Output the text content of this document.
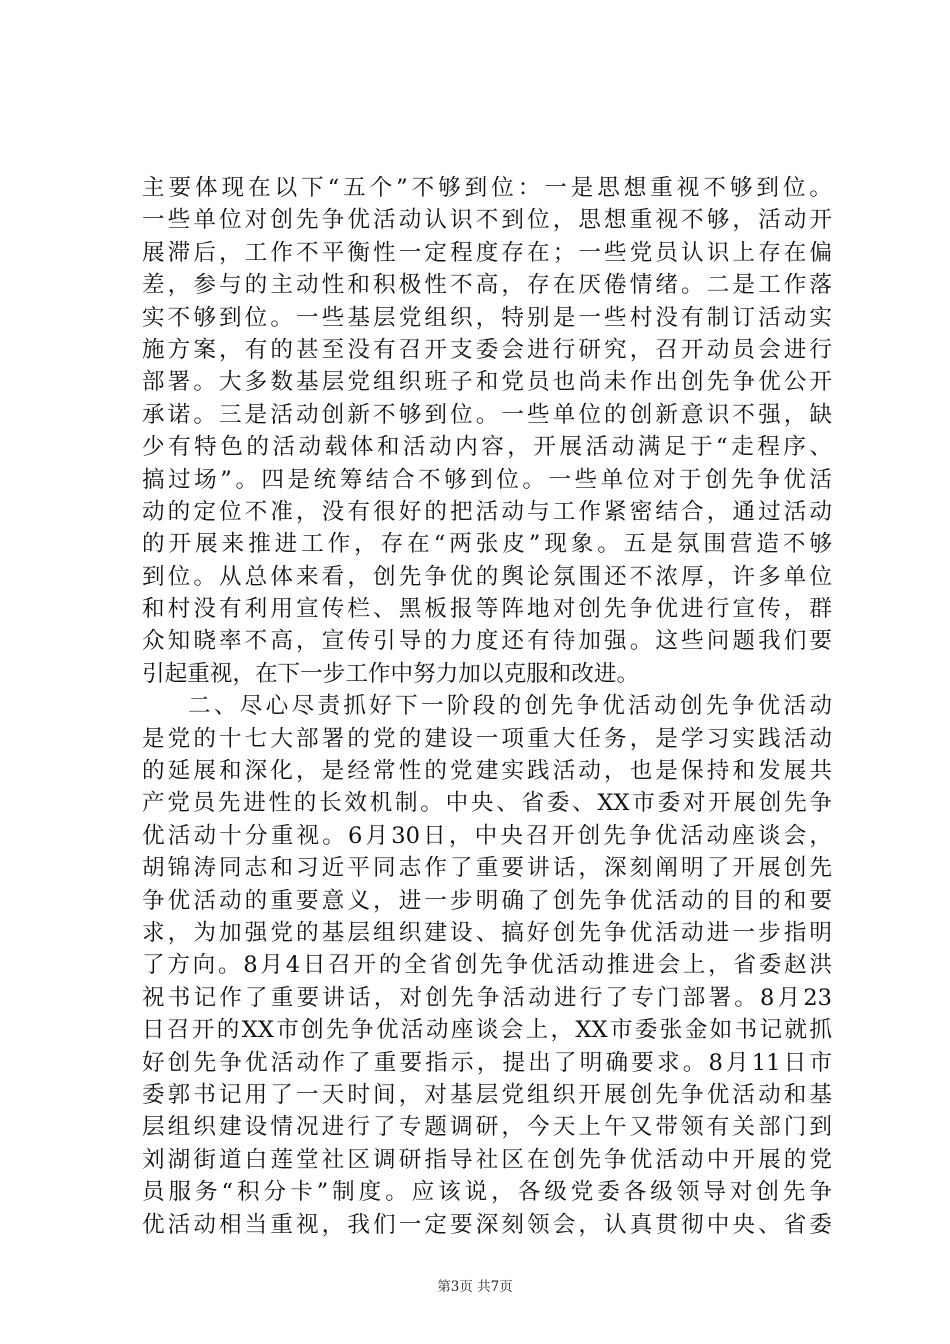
主要体现在以下“五个”不够到位：一是思想重视不够到位。
一些单位对创先争优活动认识不到位，思想重视不够，活动开
展滞后，工作不平衡性一定程度存在；一些党员认识上存在偏
差，参与的主动性和积极性不高，存在厌倦情绪。二是工作落
实不够到位。一些基层党组织，特别是一些村没有制订活动实
施方案，有的甚至没有召开支委会进行研究，召开动员会进行
部署。大多数基层党组织班子和党员也尚未作出创先争优公开
承诺。三是活动创新不够到位。一些单位的创新意识不强，缺
少有特色的活动载体和活动内容，开展活动满足于“走程序、
搞过场”。四是统筹结合不够到位。一些单位对于创先争优活
动的定位不准，没有很好的把活动与工作紧密结合，通过活动
的开展来推进工作，存在“两张皮”现象。五是氛围营造不够
到位。从总体来看，创先争优的舆论氛围还不浓厚，许多单位
和村没有利用宣传栏、黑板报等阵地对创先争优进行宣传，群
众知晓率不高，宣传引导的力度还有待加强。这些问题我们要
引起重视，在下一步工作中努力加以克服和改进。
二、尽心尽责抓好下一阶段的创先争优活动创先争优活动
是党的十七大部署的党的建设一项重大任务，是学习实践活动
的延展和深化，是经常性的党建实践活动，也是保持和发展共
产党员先进性的长效机制。中央、省委、XX市委对开展创先争
优活动十分重视。6月30日，中央召开创先争优活动座谈会，
胡锦涛同志和习近平同志作了重要讲话，深刻阐明了开展创先
争优活动的重要意义，进一步明确了创先争优活动的目的和要
求，为加强党的基层组织建设、搞好创先争优活动进一步指明
了方向。8月4日召开的全省创先争优活动推进会上，省委赵洪
祝书记作了重要讲话，对创先争活动进行了专门部署。8月23
日召开的XX市创先争优活动座谈会上，XX市委张金如书记就抓
好创先争优活动作了重要指示，提出了明确要求。8月11日市
委郭书记用了一天时间，对基层党组织开展创先争优活动和基
层组织建设情况进行了专题调研，今天上午又带领有关部门到
刘湖街道白莲堂社区调研指导社区在创先争优活动中开展的党
员服务“积分卡”制度。应该说，各级党委各级领导对创先争
优活动相当重视，我们一定要深刻领会，认真贯彻中央、省委
第3页 共7页
